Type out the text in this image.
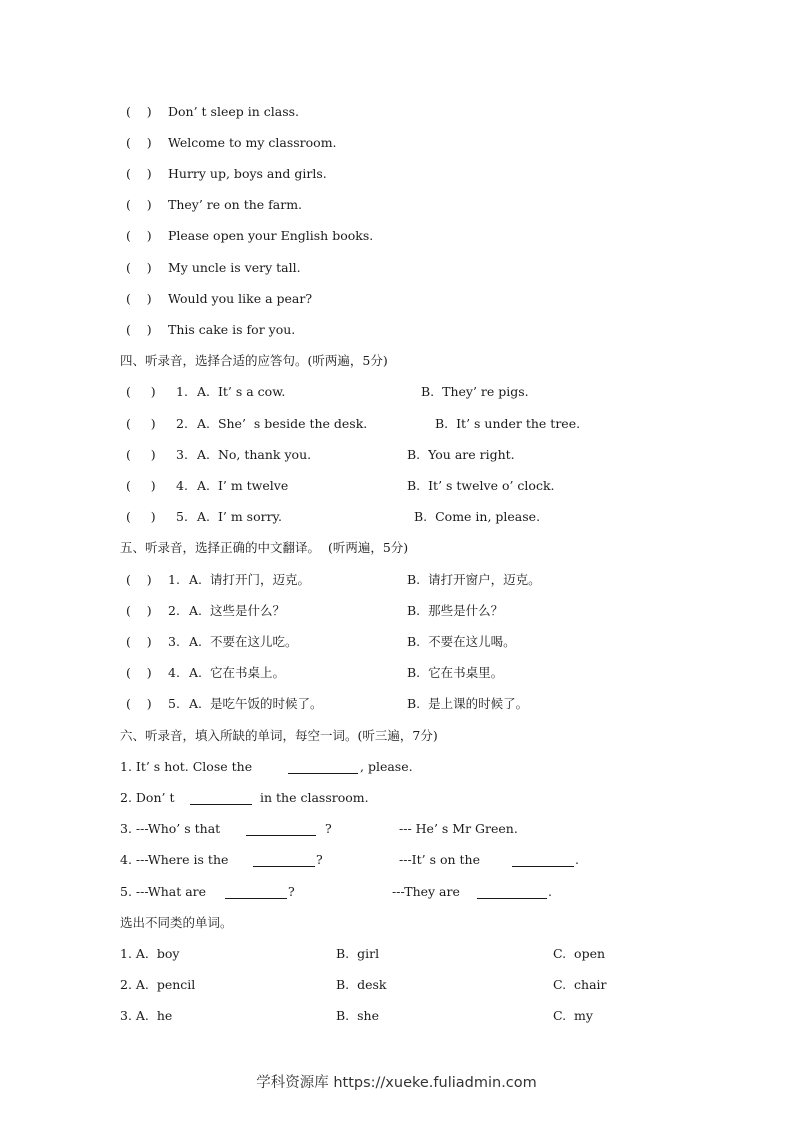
(    ) Don’ t sleep in class.
(    ) Welcome to my classroom.
(    ) Hurry up, boys and girls.
(    ) They’ re on the farm.
(    ) Please open your English books.
(    ) My uncle is very tall.
(    ) Would you like a pear?
(    ) This cake is for you.
四、听录音，选择合适的应答句。(听两遍，5分)
(     ) 1. A.  It’ s a cow.	B.  They’ re pigs.
(     ) 2. A.  She’  s beside the desk.	B.  It’ s under the tree.
(     ) 3. A.  No, thank you.	B.  You are right.
(     ) 4. A.  I’ m twelve	B.  It’ s twelve o’ clock.
(     ) 5. A.  I’ m sorry.	B.  Come in, please.
五、听录音，选择正确的中文翻译。  (听两遍，5分)
(    ) 1. A.  请打开门，迈克。	B.  请打开窗户，迈克。
(    ) 2. A.  这些是什么？	B.  那些是什么？
(    ) 3. A.  不要在这儿吃。	B.  不要在这儿喝。
(    ) 4. A.  它在书桌上。	B.  它在书桌里。
(    ) 5. A.  是吃午饭的时候了。	B.  是上课的时候了。
六、听录音，填入所缺的单词，每空一词。(听三遍，7分)
1. It’ s hot. Close the	, please.
2. Don’ t	in the classroom.
3. ---Who’ s that	?	--- He’ s Mr Green.
4. ---Where is the	?	---It’ s on the	.
5. ---What are	?	---They are	.
选出不同类的单词。
1. A.  boy	B.  girl	C.  open
2. A.  pencil	B.  desk	C.  chair
3. A.  he	B.  she	C.  my
学科资源库 https://xueke.fuliadmin.com
